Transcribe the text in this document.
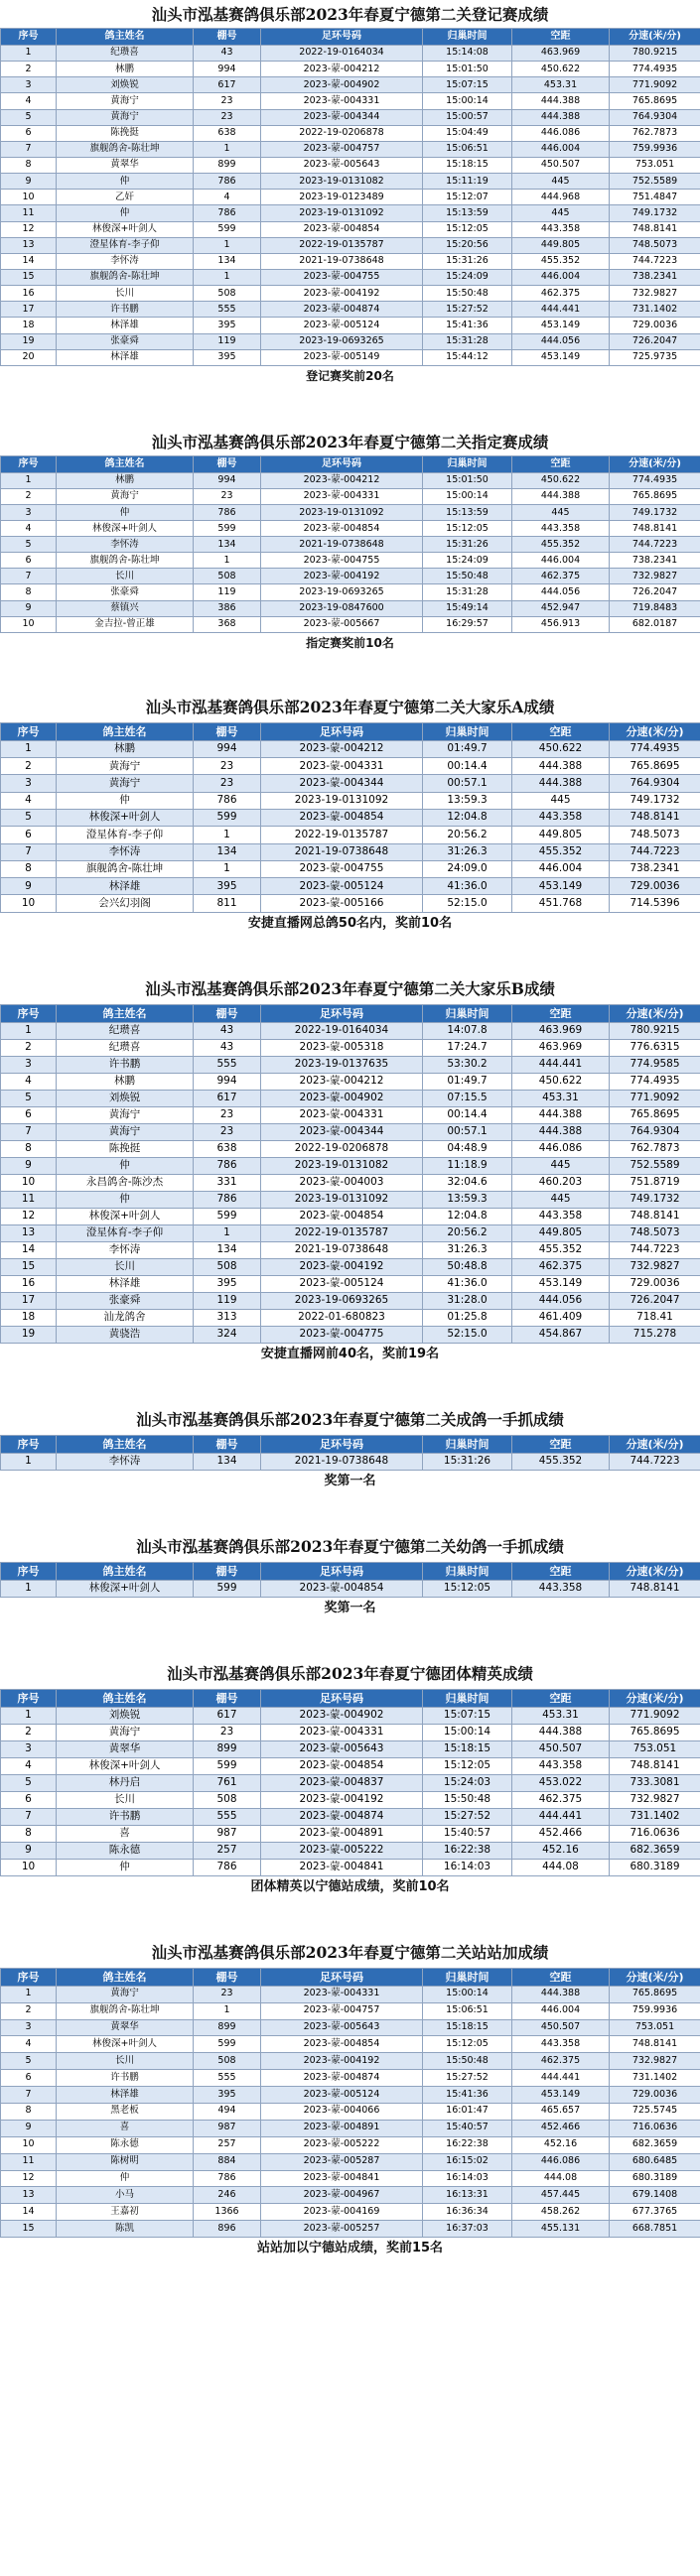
汕头市泓基赛鸽俱乐部2023年春夏宁德第二关登记赛成绩
序号	鸽主姓名	棚号	足环号码	归巢时间	空距	分速(米/分)
1	纪瓒喜	43	2022-19-0164034	15:14:08	463.969	780.9215
2	林鹏	994	2023-蒙-004212	15:01:50	450.622	774.4935
3	刘焕锐	617	2023-蒙-004902	15:07:15	453.31	771.9092
4	黄海宁	23	2023-蒙-004331	15:00:14	444.388	765.8695
5	黄海宁	23	2023-蒙-004344	15:00:57	444.388	764.9304
6	陈挽挺	638	2022-19-0206878	15:04:49	446.086	762.7873
7	旗舰鸽舍-陈壮坤	1	2023-蒙-004757	15:06:51	446.004	759.9936
8	黄翠华	899	2023-蒙-005643	15:18:15	450.507	753.051
9	仲	786	2023-19-0131082	15:11:19	445	752.5589
10	乙奸	4	2023-19-0123489	15:12:07	444.968	751.4847
11	仲	786	2023-19-0131092	15:13:59	445	749.1732
12	林俊深+叶剑人	599	2023-蒙-004854	15:12:05	443.358	748.8141
13	澄星体育-李子仰	1	2022-19-0135787	15:20:56	449.805	748.5073
14	李怀涛	134	2021-19-0738648	15:31:26	455.352	744.7223
15	旗舰鸽舍-陈壮坤	1	2023-蒙-004755	15:24:09	446.004	738.2341
16	长川	508	2023-蒙-004192	15:50:48	462.375	732.9827
17	许书鹏	555	2023-蒙-004874	15:27:52	444.441	731.1402
18	林泽雄	395	2023-蒙-005124	15:41:36	453.149	729.0036
19	张豪舜	119	2023-19-0693265	15:31:28	444.056	726.2047
20	林泽雄	395	2023-蒙-005149	15:44:12	453.149	725.9735
登记赛奖前20名
汕头市泓基赛鸽俱乐部2023年春夏宁德第二关指定赛成绩
序号	鸽主姓名	棚号	足环号码	归巢时间	空距	分速(米/分)
1	林鹏	994	2023-蒙-004212	15:01:50	450.622	774.4935
2	黄海宁	23	2023-蒙-004331	15:00:14	444.388	765.8695
3	仲	786	2023-19-0131092	15:13:59	445	749.1732
4	林俊深+叶剑人	599	2023-蒙-004854	15:12:05	443.358	748.8141
5	李怀涛	134	2021-19-0738648	15:31:26	455.352	744.7223
6	旗舰鸽舍-陈壮坤	1	2023-蒙-004755	15:24:09	446.004	738.2341
7	长川	508	2023-蒙-004192	15:50:48	462.375	732.9827
8	张豪舜	119	2023-19-0693265	15:31:28	444.056	726.2047
9	蔡镇兴	386	2023-19-0847600	15:49:14	452.947	719.8483
10	金吉拉-曾正雄	368	2023-蒙-005667	16:29:57	456.913	682.0187
指定赛奖前10名
汕头市泓基赛鸽俱乐部2023年春夏宁德第二关大家乐A成绩
序号	鸽主姓名	棚号	足环号码	归巢时间	空距	分速(米/分)
1	林鹏	994	2023-蒙-004212	01:49.7	450.622	774.4935
2	黄海宁	23	2023-蒙-004331	00:14.4	444.388	765.8695
3	黄海宁	23	2023-蒙-004344	00:57.1	444.388	764.9304
4	仲	786	2023-19-0131092	13:59.3	445	749.1732
5	林俊深+叶剑人	599	2023-蒙-004854	12:04.8	443.358	748.8141
6	澄星体育-李子仰	1	2022-19-0135787	20:56.2	449.805	748.5073
7	李怀涛	134	2021-19-0738648	31:26.3	455.352	744.7223
8	旗舰鸽舍-陈壮坤	1	2023-蒙-004755	24:09.0	446.004	738.2341
9	林泽雄	395	2023-蒙-005124	41:36.0	453.149	729.0036
10	会兴幻羽阁	811	2023-蒙-005166	52:15.0	451.768	714.5396
安捷直播网总鸽50名内，奖前10名
汕头市泓基赛鸽俱乐部2023年春夏宁德第二关大家乐B成绩
序号	鸽主姓名	棚号	足环号码	归巢时间	空距	分速(米/分)
1	纪瓒喜	43	2022-19-0164034	14:07.8	463.969	780.9215
2	纪瓒喜	43	2023-蒙-005318	17:24.7	463.969	776.6315
3	许书鹏	555	2023-19-0137635	53:30.2	444.441	774.9585
4	林鹏	994	2023-蒙-004212	01:49.7	450.622	774.4935
5	刘焕锐	617	2023-蒙-004902	07:15.5	453.31	771.9092
6	黄海宁	23	2023-蒙-004331	00:14.4	444.388	765.8695
7	黄海宁	23	2023-蒙-004344	00:57.1	444.388	764.9304
8	陈挽挺	638	2022-19-0206878	04:48.9	446.086	762.7873
9	仲	786	2023-19-0131082	11:18.9	445	752.5589
10	永昌鸽舍-陈沙杰	331	2023-蒙-004003	32:04.6	460.203	751.8719
11	仲	786	2023-19-0131092	13:59.3	445	749.1732
12	林俊深+叶剑人	599	2023-蒙-004854	12:04.8	443.358	748.8141
13	澄星体育-李子仰	1	2022-19-0135787	20:56.2	449.805	748.5073
14	李怀涛	134	2021-19-0738648	31:26.3	455.352	744.7223
15	长川	508	2023-蒙-004192	50:48.8	462.375	732.9827
16	林泽雄	395	2023-蒙-005124	41:36.0	453.149	729.0036
17	张豪舜	119	2023-19-0693265	31:28.0	444.056	726.2047
18	汕龙鸽舍	313	2022-01-680823	01:25.8	461.409	718.41
19	黄骁浩	324	2023-蒙-004775	52:15.0	454.867	715.278
安捷直播网前40名，奖前19名
汕头市泓基赛鸽俱乐部2023年春夏宁德第二关成鸽一手抓成绩
序号	鸽主姓名	棚号	足环号码	归巢时间	空距	分速(米/分)
1	李怀涛	134	2021-19-0738648	15:31:26	455.352	744.7223
奖第一名
汕头市泓基赛鸽俱乐部2023年春夏宁德第二关幼鸽一手抓成绩
序号	鸽主姓名	棚号	足环号码	归巢时间	空距	分速(米/分)
1	林俊深+叶剑人	599	2023-蒙-004854	15:12:05	443.358	748.8141
奖第一名
汕头市泓基赛鸽俱乐部2023年春夏宁德团体精英成绩
序号	鸽主姓名	棚号	足环号码	归巢时间	空距	分速(米/分)
1	刘焕锐	617	2023-蒙-004902	15:07:15	453.31	771.9092
2	黄海宁	23	2023-蒙-004331	15:00:14	444.388	765.8695
3	黄翠华	899	2023-蒙-005643	15:18:15	450.507	753.051
4	林俊深+叶剑人	599	2023-蒙-004854	15:12:05	443.358	748.8141
5	林丹启	761	2023-蒙-004837	15:24:03	453.022	733.3081
6	长川	508	2023-蒙-004192	15:50:48	462.375	732.9827
7	许书鹏	555	2023-蒙-004874	15:27:52	444.441	731.1402
8	喜	987	2023-蒙-004891	15:40:57	452.466	716.0636
9	陈永德	257	2023-蒙-005222	16:22:38	452.16	682.3659
10	仲	786	2023-蒙-004841	16:14:03	444.08	680.3189
团体精英以宁德站成绩，奖前10名
汕头市泓基赛鸽俱乐部2023年春夏宁德第二关站站加成绩
序号	鸽主姓名	棚号	足环号码	归巢时间	空距	分速(米/分)
1	黄海宁	23	2023-蒙-004331	15:00:14	444.388	765.8695
2	旗舰鸽舍-陈壮坤	1	2023-蒙-004757	15:06:51	446.004	759.9936
3	黄翠华	899	2023-蒙-005643	15:18:15	450.507	753.051
4	林俊深+叶剑人	599	2023-蒙-004854	15:12:05	443.358	748.8141
5	长川	508	2023-蒙-004192	15:50:48	462.375	732.9827
6	许书鹏	555	2023-蒙-004874	15:27:52	444.441	731.1402
7	林泽雄	395	2023-蒙-005124	15:41:36	453.149	729.0036
8	黑老板	494	2023-蒙-004066	16:01:47	465.657	725.5745
9	喜	987	2023-蒙-004891	15:40:57	452.466	716.0636
10	陈永德	257	2023-蒙-005222	16:22:38	452.16	682.3659
11	陈树明	884	2023-蒙-005287	16:15:02	446.086	680.6485
12	仲	786	2023-蒙-004841	16:14:03	444.08	680.3189
13	小马	246	2023-蒙-004967	16:13:31	457.445	679.1408
14	王嘉初	1366	2023-蒙-004169	16:36:34	458.262	677.3765
15	陈凯	896	2023-蒙-005257	16:37:03	455.131	668.7851
站站加以宁德站成绩，奖前15名
